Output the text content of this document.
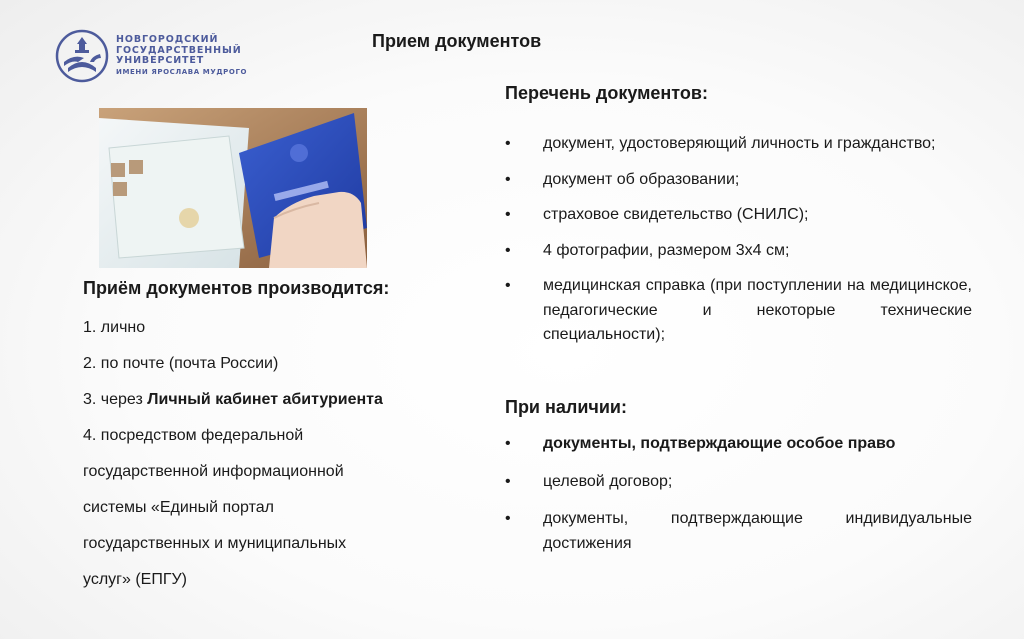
НОВГОРОДСКИЙ
ГОСУДАРСТВЕННЫЙ
УНИВЕРСИТЕТ
ИМЕНИ ЯРОСЛАВА МУДРОГО
Прием документов
Приём документов производится:
1. лично
2. по почте (почта России)
3. через Личный кабинет абитуриента
4. посредством федеральной
государственной информационной
системы «Единый портал
государственных и муниципальных
услуг» (ЕПГУ)
Перечень документов:
• документ, удостоверяющий личность и гражданство;
• документ об образовании;
• страховое свидетельство (СНИЛС);
• 4 фотографии, размером 3х4 см;
• медицинская справка (при поступлении на медицинское, педагогические и некоторые технические специальности);
При наличии:
• документы, подтверждающие особое право
• целевой договор;
• документы, подтверждающие индивидуальные достижения
